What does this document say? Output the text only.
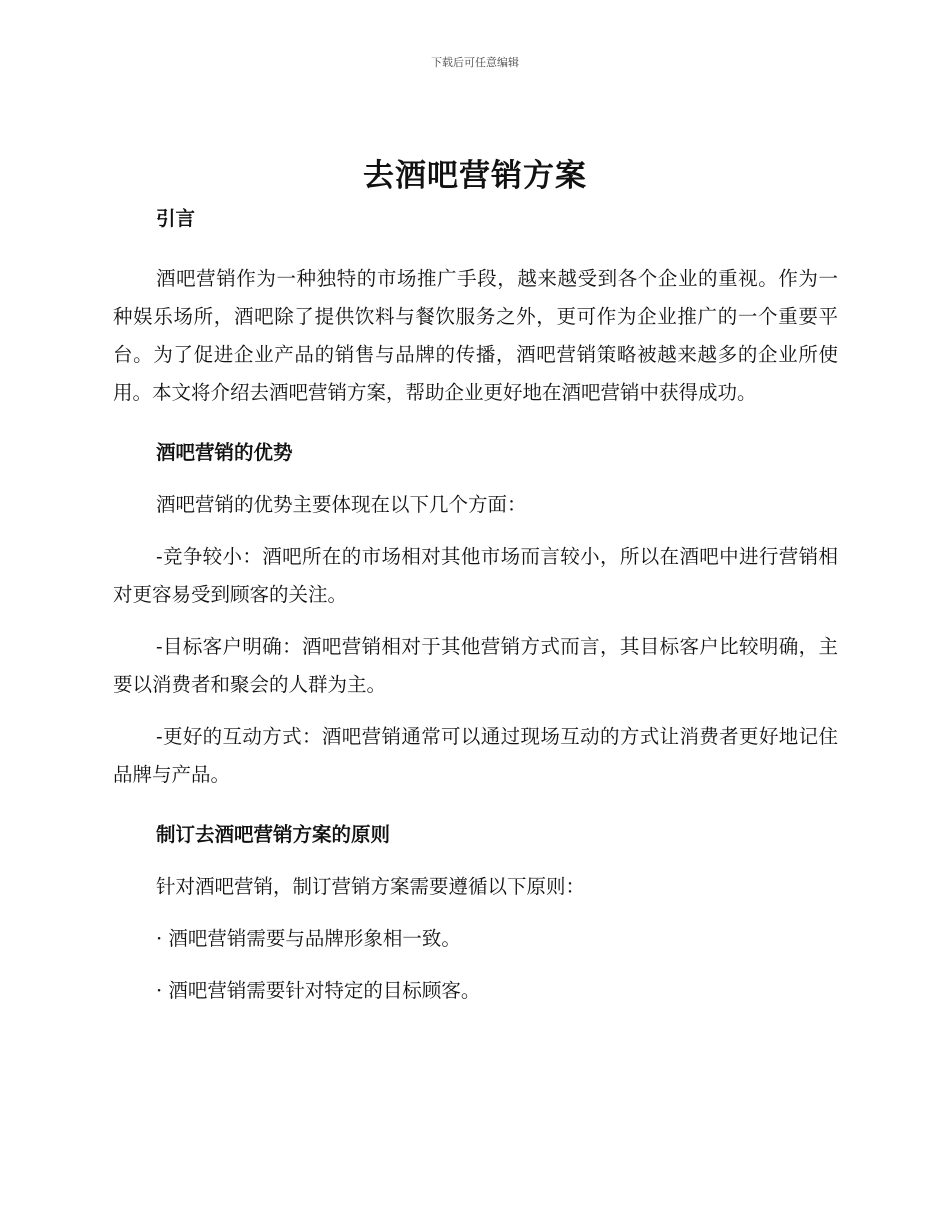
下载后可任意编辑
去酒吧营销方案

引言

酒吧营销作为一种独特的市场推广手段，越来越受到各个企业的重视。作为一种娱乐场所，酒吧除了提供饮料与餐饮服务之外，更可作为企业推广的一个重要平台。为了促进企业产品的销售与品牌的传播，酒吧营销策略被越来越多的企业所使用。本文将介绍去酒吧营销方案，帮助企业更好地在酒吧营销中获得成功。

酒吧营销的优势

酒吧营销的优势主要体现在以下几个方面：

-竞争较小：酒吧所在的市场相对其他市场而言较小，所以在酒吧中进行营销相对更容易受到顾客的关注。

-目标客户明确：酒吧营销相对于其他营销方式而言，其目标客户比较明确，主要以消费者和聚会的人群为主。

-更好的互动方式：酒吧营销通常可以通过现场互动的方式让消费者更好地记住品牌与产品。

制订去酒吧营销方案的原则

针对酒吧营销，制订营销方案需要遵循以下原则：

· 酒吧营销需要与品牌形象相一致。

· 酒吧营销需要针对特定的目标顾客。
